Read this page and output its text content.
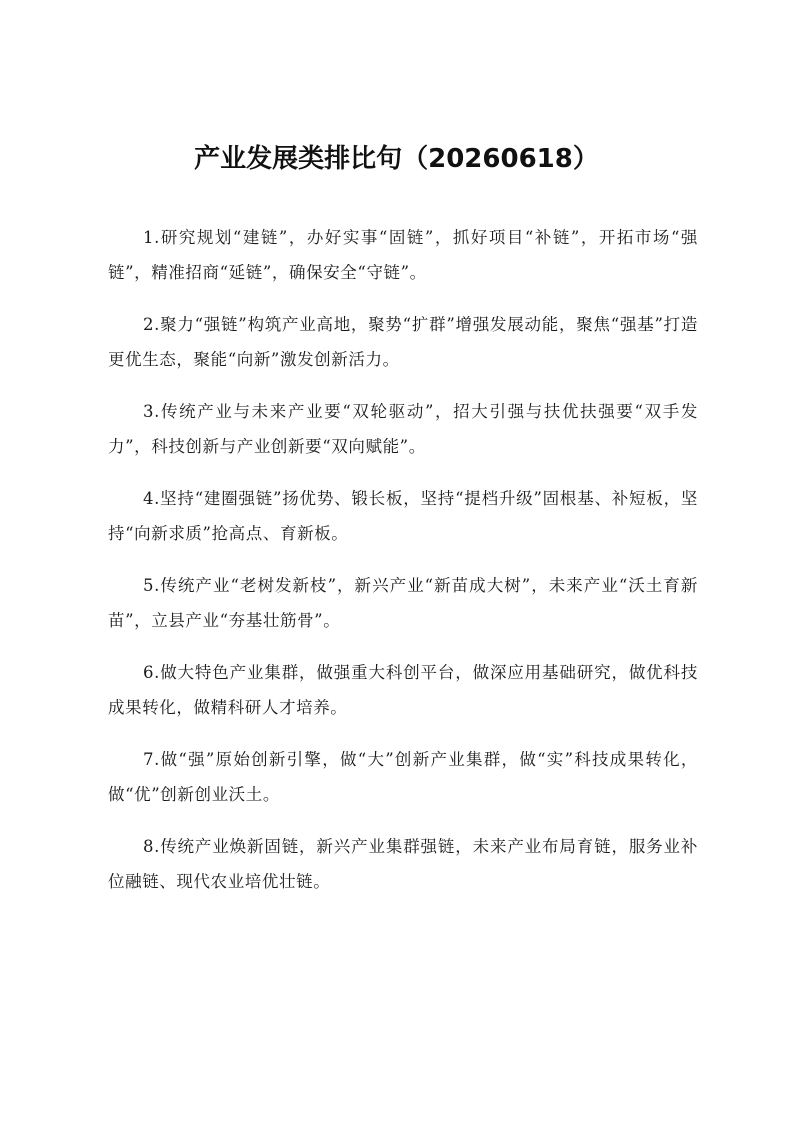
产业发展类排比句（20260618）

1.研究规划“建链”，办好实事“固链”，抓好项目“补链”，开拓市场“强链”，精准招商“延链”，确保安全“守链”。

2.聚力“强链”构筑产业高地，聚势“扩群”增强发展动能，聚焦“强基”打造更优生态，聚能“向新”激发创新活力。

3.传统产业与未来产业要“双轮驱动”，招大引强与扶优扶强要“双手发力”，科技创新与产业创新要“双向赋能”。

4.坚持“建圈强链”扬优势、锻长板，坚持“提档升级”固根基、补短板，坚持“向新求质”抢高点、育新板。

5.传统产业“老树发新枝”，新兴产业“新苗成大树”，未来产业“沃土育新苗”，立县产业“夯基壮筋骨”。

6.做大特色产业集群，做强重大科创平台，做深应用基础研究，做优科技成果转化，做精科研人才培养。

7.做“强”原始创新引擎，做“大”创新产业集群，做“实”科技成果转化，做“优”创新创业沃土。

8.传统产业焕新固链，新兴产业集群强链，未来产业布局育链，服务业补位融链、现代农业培优壮链。
